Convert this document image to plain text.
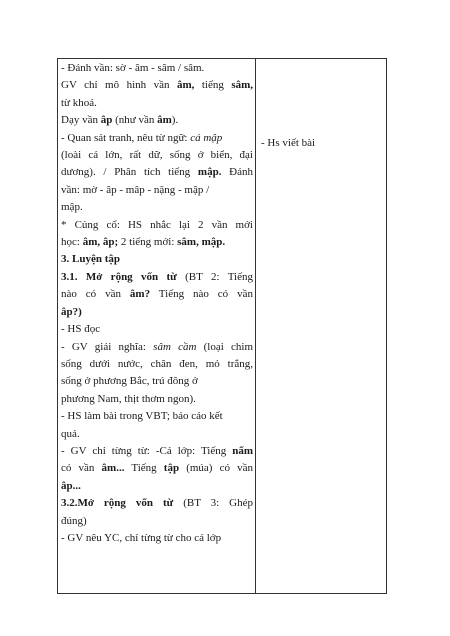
- Đánh vần: sờ - âm - sâm / sâm.
GV chỉ mô hình vần âm, tiếng sâm,
từ khoá.
Dạy vần âp (như vần âm).
- Quan sát tranh, nêu từ ngữ: cá mập
(loài cá lớn, rất dữ, sống ở biển, đại
dương). / Phân tích tiếng mập. Đánh
vần: mờ - âp - mâp - nặng - mập /
mập.
* Củng cố: HS nhắc lại 2 vần mới
học: âm, âp; 2 tiếng mới: sâm, mập.
3. Luyện tập
3.1. Mở rộng vốn từ (BT 2: Tiếng
nào có vần âm? Tiếng nào có vần
âp?)
- HS đọc
- GV giải nghĩa: sâm cầm (loại chim
sống dưới nước, chân đen, mỏ trắng,
sống ở phương Bắc, trú đông ở
phương Nam, thịt thơm ngon).
- HS làm bài trong VBT; báo cáo kết
quả.
- GV chỉ từng từ: -Cả lớp: Tiếng nấm
có vần âm... Tiếng tập (múa) có vần
âp...
3.2.Mở rộng vốn từ (BT 3: Ghép
đúng)
- GV nêu YC, chỉ từng từ cho cả lớp
- Hs viết bài
